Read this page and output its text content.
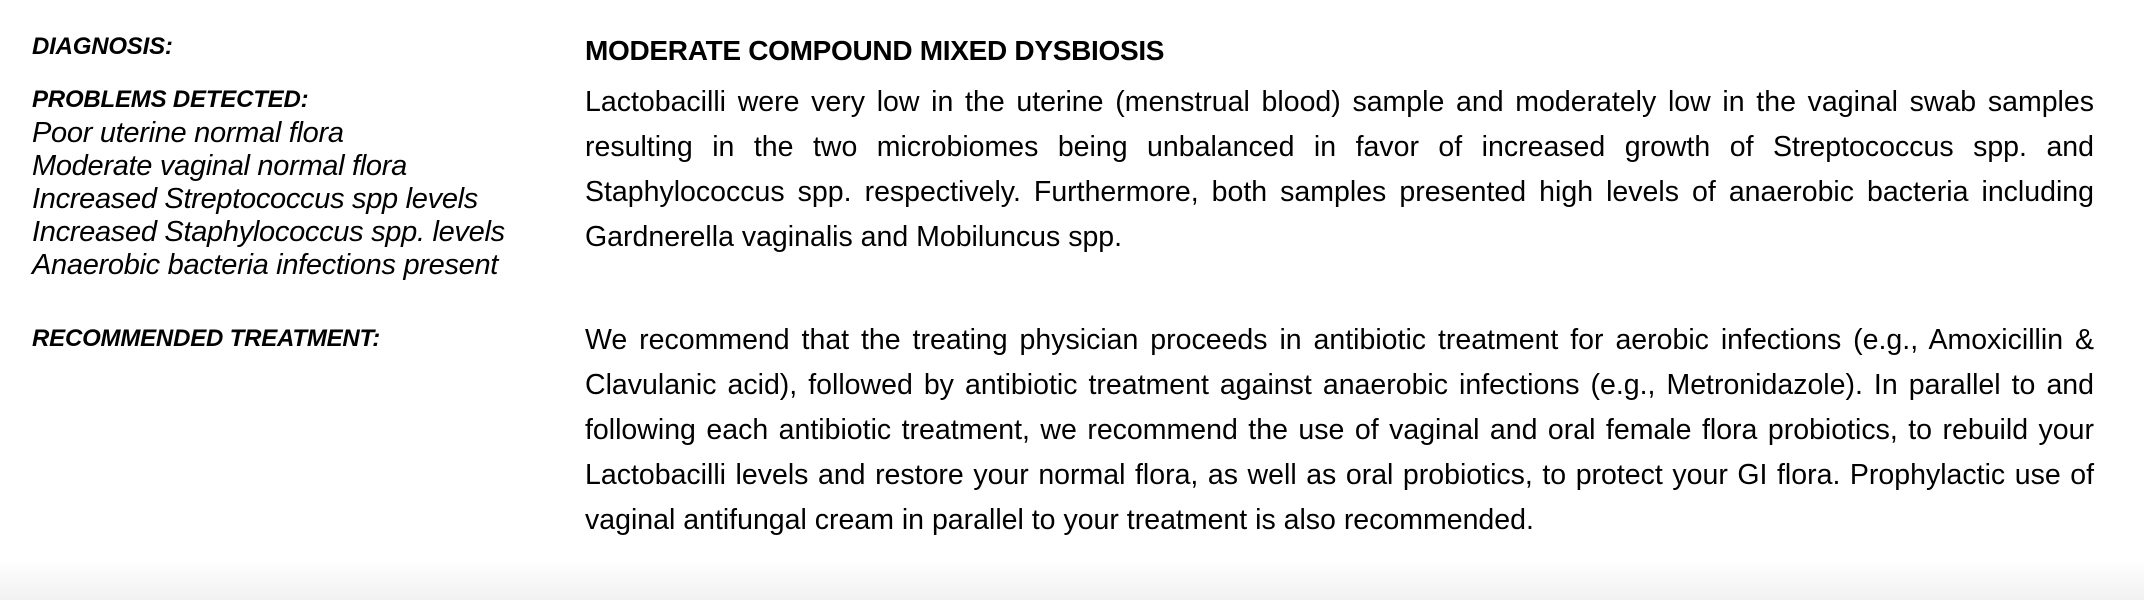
DIAGNOSIS:	MODERATE COMPOUND MIXED DYSBIOSIS
PROBLEMS DETECTED:
Poor uterine normal flora
Moderate vaginal normal flora
Increased Streptococcus spp levels
Increased Staphylococcus spp. levels
Anaerobic bacteria infections present

Lactobacilli were very low in the uterine (menstrual blood) sample and moderately low in the vaginal swab samples resulting in the two microbiomes being unbalanced in favor of increased growth of Streptococcus spp. and Staphylococcus spp. respectively. Furthermore, both samples presented high levels of anaerobic bacteria including Gardnerella vaginalis and Mobiluncus spp.

RECOMMENDED TREATMENT:	We recommend that the treating physician proceeds in antibiotic treatment for aerobic infections (e.g., Amoxicillin & Clavulanic acid), followed by antibiotic treatment against anaerobic infections (e.g., Metronidazole). In parallel to and following each antibiotic treatment, we recommend the use of vaginal and oral female flora probiotics, to rebuild your Lactobacilli levels and restore your normal flora, as well as oral probiotics, to protect your GI flora. Prophylactic use of vaginal antifungal cream in parallel to your treatment is also recommended.
